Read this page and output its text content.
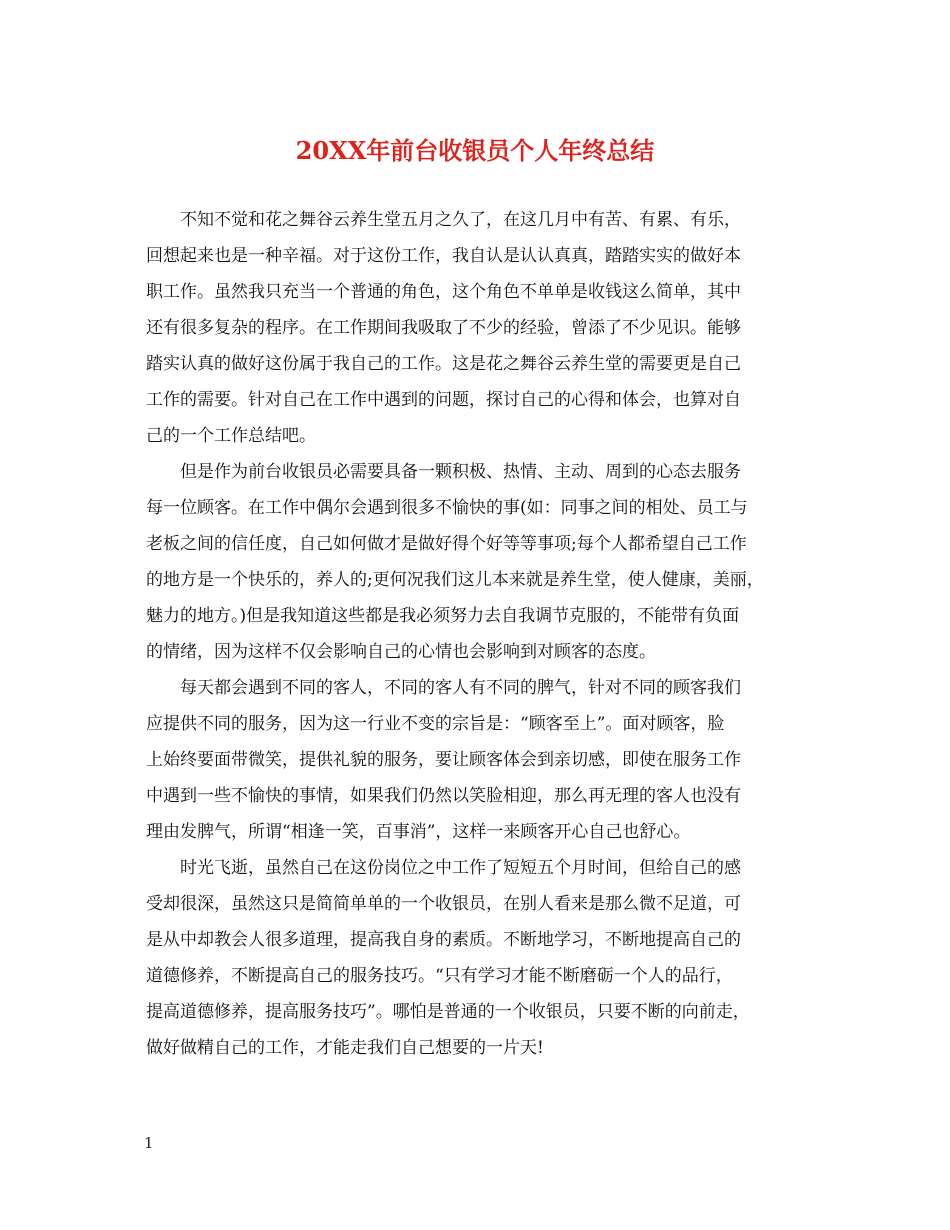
20XX年前台收银员个人年终总结
不知不觉和花之舞谷云养生堂五月之久了，在这几月中有苦、有累、有乐，
回想起来也是一种辛福。对于这份工作，我自认是认认真真，踏踏实实的做好本
职工作。虽然我只充当一个普通的角色，这个角色不单单是收钱这么简单，其中
还有很多复杂的程序。在工作期间我吸取了不少的经验，曾添了不少见识。能够
踏实认真的做好这份属于我自己的工作。这是花之舞谷云养生堂的需要更是自己
工作的需要。针对自己在工作中遇到的问题，探讨自己的心得和体会，也算对自
己的一个工作总结吧。
但是作为前台收银员必需要具备一颗积极、热情、主动、周到的心态去服务
每一位顾客。在工作中偶尔会遇到很多不愉快的事(如：同事之间的相处、员工与
老板之间的信任度，自己如何做才是做好得个好等等事项;每个人都希望自己工作
的地方是一个快乐的，养人的;更何况我们这儿本来就是养生堂，使人健康，美丽，
魅力的地方。)但是我知道这些都是我必须努力去自我调节克服的，不能带有负面
的情绪，因为这样不仅会影响自己的心情也会影响到对顾客的态度。
每天都会遇到不同的客人，不同的客人有不同的脾气，针对不同的顾客我们
应提供不同的服务，因为这一行业不变的宗旨是：“顾客至上”。面对顾客，脸
上始终要面带微笑，提供礼貌的服务，要让顾客体会到亲切感，即使在服务工作
中遇到一些不愉快的事情，如果我们仍然以笑脸相迎，那么再无理的客人也没有
理由发脾气，所谓“相逢一笑，百事消”，这样一来顾客开心自己也舒心。
时光飞逝，虽然自己在这份岗位之中工作了短短五个月时间，但给自己的感
受却很深，虽然这只是简简单单的一个收银员，在别人看来是那么微不足道，可
是从中却教会人很多道理，提高我自身的素质。不断地学习，不断地提高自己的
道德修养，不断提高自己的服务技巧。“只有学习才能不断磨砺一个人的品行，
提高道德修养，提高服务技巧”。哪怕是普通的一个收银员，只要不断的向前走，
做好做精自己的工作，才能走我们自己想要的一片天!
1
